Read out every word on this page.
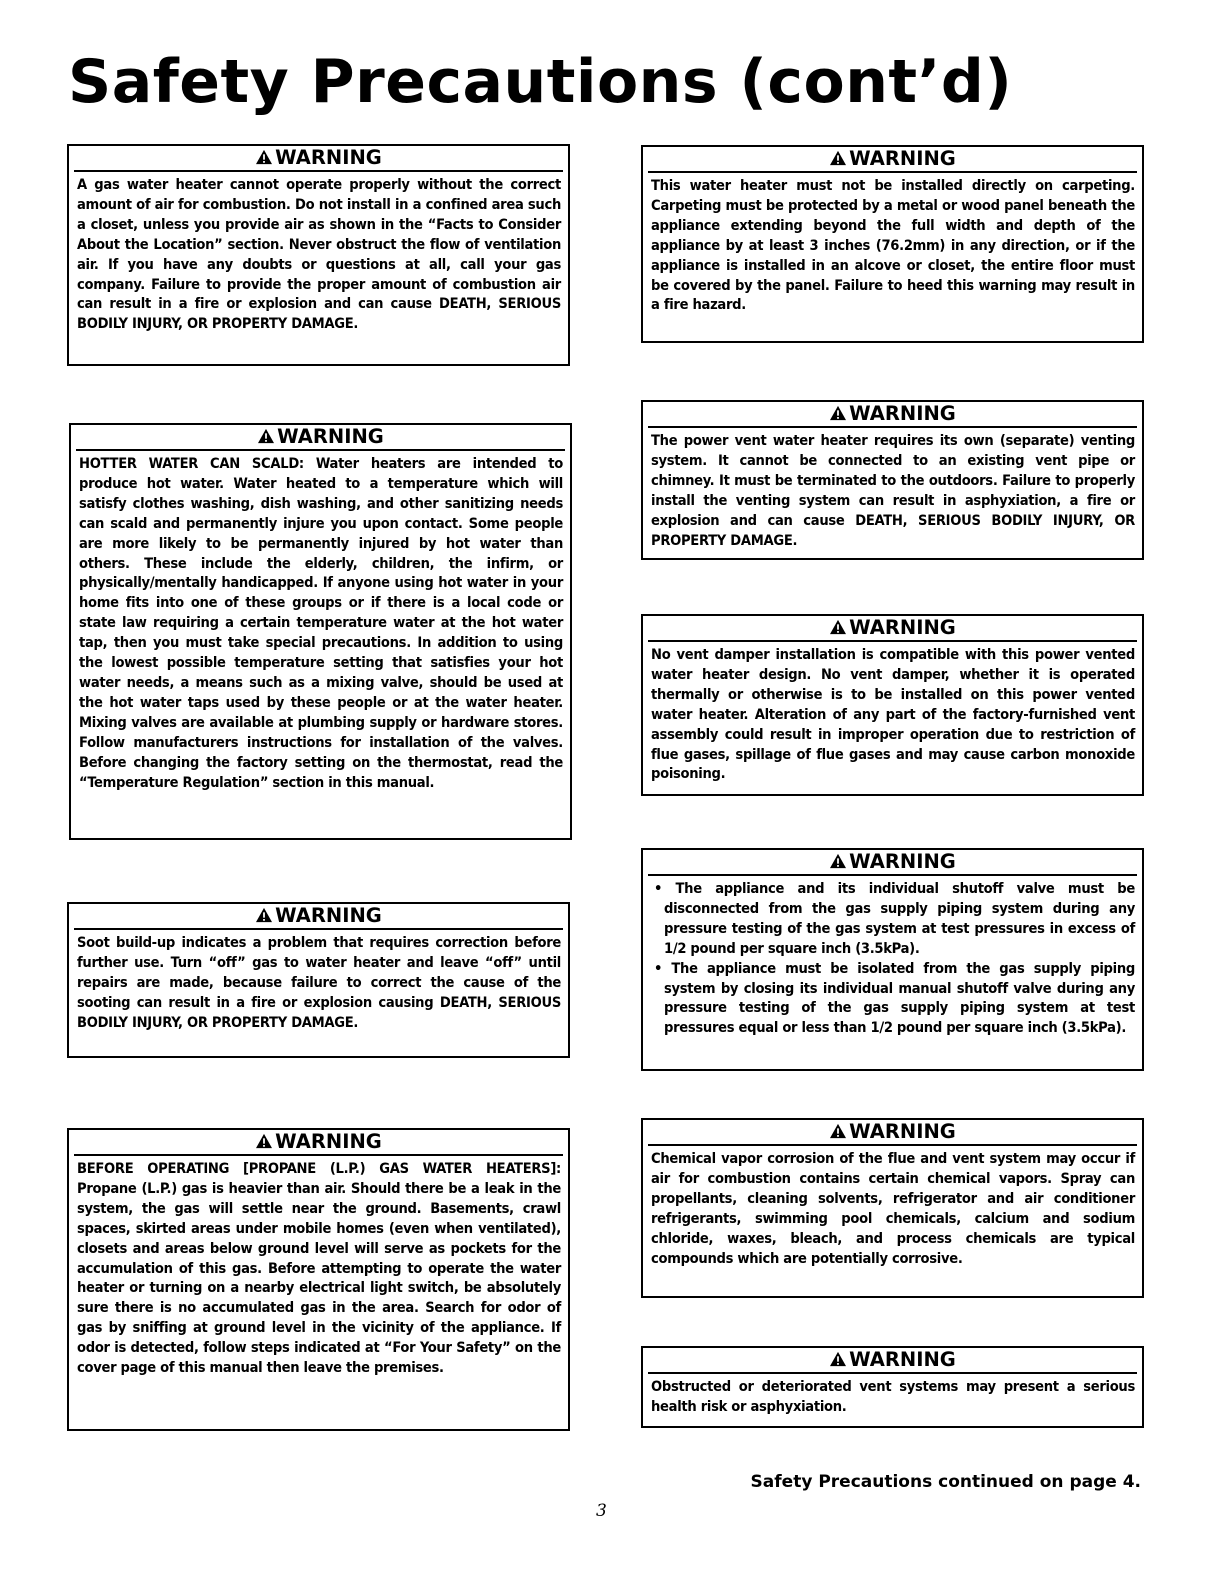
Safety Precautions (cont’d)
WARNING

A gas water heater cannot operate properly without the correct amount of air for combustion. Do not install in a confined area such a closet, unless you provide air as shown in the “Facts to Consider About the Location” section. Never obstruct the flow of ventilation air. If you have any doubts or questions at all, call your gas company. Failure to provide the proper amount of combustion air can result in a fire or explosion and can cause DEATH, SERIOUS BODILY INJURY, OR PROPERTY DAMAGE.

WARNING

HOTTER WATER CAN SCALD: Water heaters are intended to produce hot water. Water heated to a temperature which will satisfy clothes washing, dish washing, and other sanitizing needs can scald and permanently injure you upon contact. Some people are more likely to be permanently injured by hot water than others. These include the elderly, children, the infirm, or physically/mentally handicapped. If anyone using hot water in your home fits into one of these groups or if there is a local code or state law requiring a certain temperature water at the hot water tap, then you must take special precautions. In addition to using the lowest possible temperature setting that satisfies your hot water needs, a means such as a mixing valve, should be used at the hot water taps used by these people or at the water heater. Mixing valves are available at plumbing supply or hardware stores. Follow manufacturers instructions for installation of the valves. Before changing the factory setting on the thermostat, read the “Temperature Regulation” section in this manual.

WARNING

Soot build-up indicates a problem that requires correction before further use. Turn “off” gas to water heater and leave “off” until repairs are made, because failure to correct the cause of the sooting can result in a fire or explosion causing DEATH, SERIOUS BODILY INJURY, OR PROPERTY DAMAGE.

WARNING

BEFORE OPERATING [PROPANE (L.P.) GAS WATER HEATERS]: Propane (L.P.) gas is heavier than air. Should there be a leak in the system, the gas will settle near the ground. Basements, crawl spaces, skirted areas under mobile homes (even when ventilated), closets and areas below ground level will serve as pockets for the accumulation of this gas. Before attempting to operate the water heater or turning on a nearby electrical light switch, be absolutely sure there is no accumulated gas in the area. Search for odor of gas by sniffing at ground level in the vicinity of the appliance. If odor is detected, follow steps indicated at “For Your Safety” on the cover page of this manual then leave the premises.

WARNING

This water heater must not be installed directly on carpeting. Carpeting must be protected by a metal or wood panel beneath the appliance extending beyond the full width and depth of the appliance by at least 3 inches (76.2mm) in any direction, or if the appliance is installed in an alcove or closet, the entire floor must be covered by the panel. Failure to heed this warning may result in a fire hazard.

WARNING

The power vent water heater requires its own (separate) venting system. It cannot be connected to an existing vent pipe or chimney. It must be terminated to the outdoors. Failure to properly install the venting system can result in asphyxiation, a fire or explosion and can cause DEATH, SERIOUS BODILY INJURY, OR PROPERTY DAMAGE.

WARNING

No vent damper installation is compatible with this power vented water heater design. No vent damper, whether it is operated thermally or otherwise is to be installed on this power vented water heater. Alteration of any part of the factory-furnished vent assembly could result in improper operation due to restriction of flue gases, spillage of flue gases and may cause carbon monoxide poisoning.

WARNING

• The appliance and its individual shutoff valve must be disconnected from the gas supply piping system during any pressure testing of the gas system at test pressures in excess of 1/2 pound per square inch (3.5kPa).

• The appliance must be isolated from the gas supply piping system by closing its individual manual shutoff valve during any pressure testing of the gas supply piping system at test pressures equal or less than 1/2 pound per square inch (3.5kPa).

WARNING

Chemical vapor corrosion of the flue and vent system may occur if air for combustion contains certain chemical vapors. Spray can propellants, cleaning solvents, refrigerator and air conditioner refrigerants, swimming pool chemicals, calcium and sodium chloride, waxes, bleach, and process chemicals are typical compounds which are potentially corrosive.

WARNING

Obstructed or deteriorated vent systems may present a serious health risk or asphyxiation.

Safety Precautions continued on page 4.
3
